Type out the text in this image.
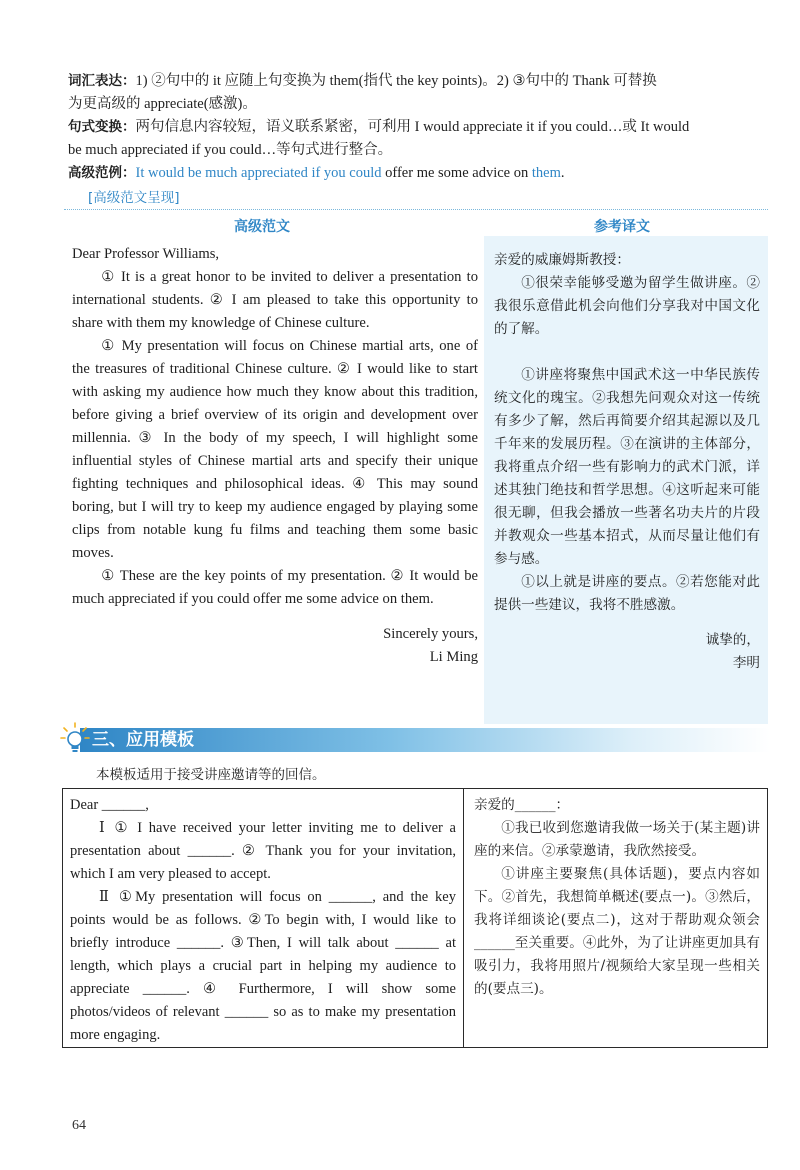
词汇表达：1) ②句中的 it 应随上句变换为 them(指代 the key points)。2) ③句中的 Thank 可替换

为更高级的 appreciate(感激)。

句式变换：两句信息内容较短，语义联系紧密，可利用 I would appreciate it if you could…或 It would

be much appreciated if you could…等句式进行整合。

高级范例：It would be much appreciated if you could offer me some advice on them.

[高级范文呈现]
高级范文	参考译文

Dear Professor Williams,

① It is a great honor to be invited to deliver a presentation to international students. ② I am pleased to take this opportunity to share with them my knowledge of Chinese culture.

① My presentation will focus on Chinese martial arts, one of the treasures of traditional Chinese culture. ② I would like to start with asking my audience how much they know about this tradition, before giving a brief overview of its origin and development over millennia. ③ In the body of my speech, I will highlight some influential styles of Chinese martial arts and specify their unique fighting techniques and philosophical ideas. ④ This may sound boring, but I will try to keep my audience engaged by playing some clips from notable kung fu films and teaching them some basic moves.

① These are the key points of my presentation. ② It would be much appreciated if you could offer me some advice on them.

Sincerely yours,

Li Ming

亲爱的威廉姆斯教授：

①很荣幸能够受邀为留学生做讲座。②我很乐意借此机会向他们分享我对中国文化的了解。

①讲座将聚焦中国武术这一中华民族传统文化的瑰宝。②我想先问观众对这一传统有多少了解，然后再简要介绍其起源以及几千年来的发展历程。③在演讲的主体部分，我将重点介绍一些有影响力的武术门派，详述其独门绝技和哲学思想。④这听起来可能很无聊，但我会播放一些著名功夫片的片段并教观众一些基本招式，从而尽量让他们有参与感。

①以上就是讲座的要点。②若您能对此提供一些建议，我将不胜感激。

诚挚的，

李明

三、应用模板
本模板适用于接受讲座邀请等的回信。

Dear ______,

Ⅰ ① I have received your letter inviting me to deliver a presentation about ______. ② Thank you for your invitation, which I am very pleased to accept.

Ⅱ ①My presentation will focus on ______, and the key points would be as follows. ②To begin with, I would like to briefly introduce ______. ③Then, I will talk about ______ at length, which plays a crucial part in helping my audience to appreciate ______. ④ Furthermore, I will show some photos/videos of relevant ______ so as to make my presentation more engaging.

亲爱的______：

①我已收到您邀请我做一场关于(某主题)讲座的来信。②承蒙邀请，我欣然接受。

①讲座主要聚焦(具体话题)，要点内容如下。②首先，我想简单概述(要点一)。③然后，我将详细谈论(要点二)，这对于帮助观众领会______至关重要。④此外，为了让讲座更加具有吸引力，我将用照片/视频给大家呈现一些相关的(要点三)。

64
